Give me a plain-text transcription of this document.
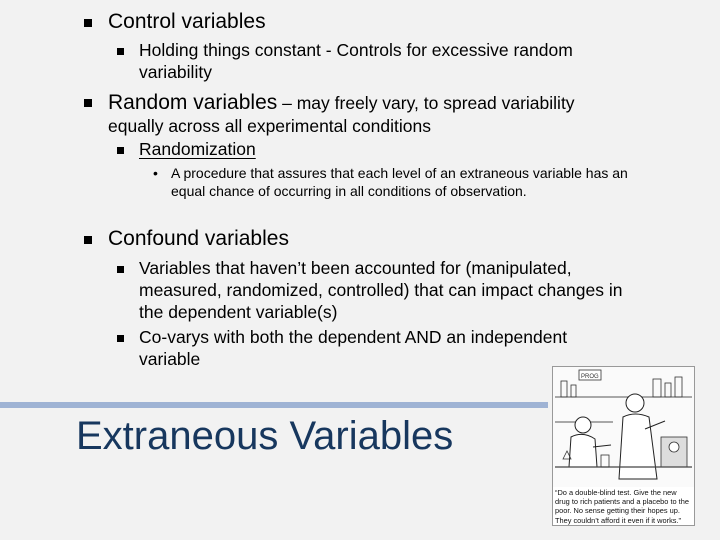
Control variables
Holding things constant - Controls for excessive random
variability
Random variables – may freely vary, to spread variability
equally across all experimental conditions
Randomization
• A procedure that assures that each level of an extraneous variable has an
equal chance of occurring in all conditions of observation.
Confound variables
Variables that haven’t been accounted for (manipulated,
measured, randomized, controlled) that can impact changes in
the dependent variable(s)
Co-varys with both the dependent AND an independent
variable
Extraneous Variables
PROG
“Do a double-blind test. Give the new drug to rich patients and a placebo to the poor. No sense getting their hopes up. They couldn’t afford it even if it works.”
